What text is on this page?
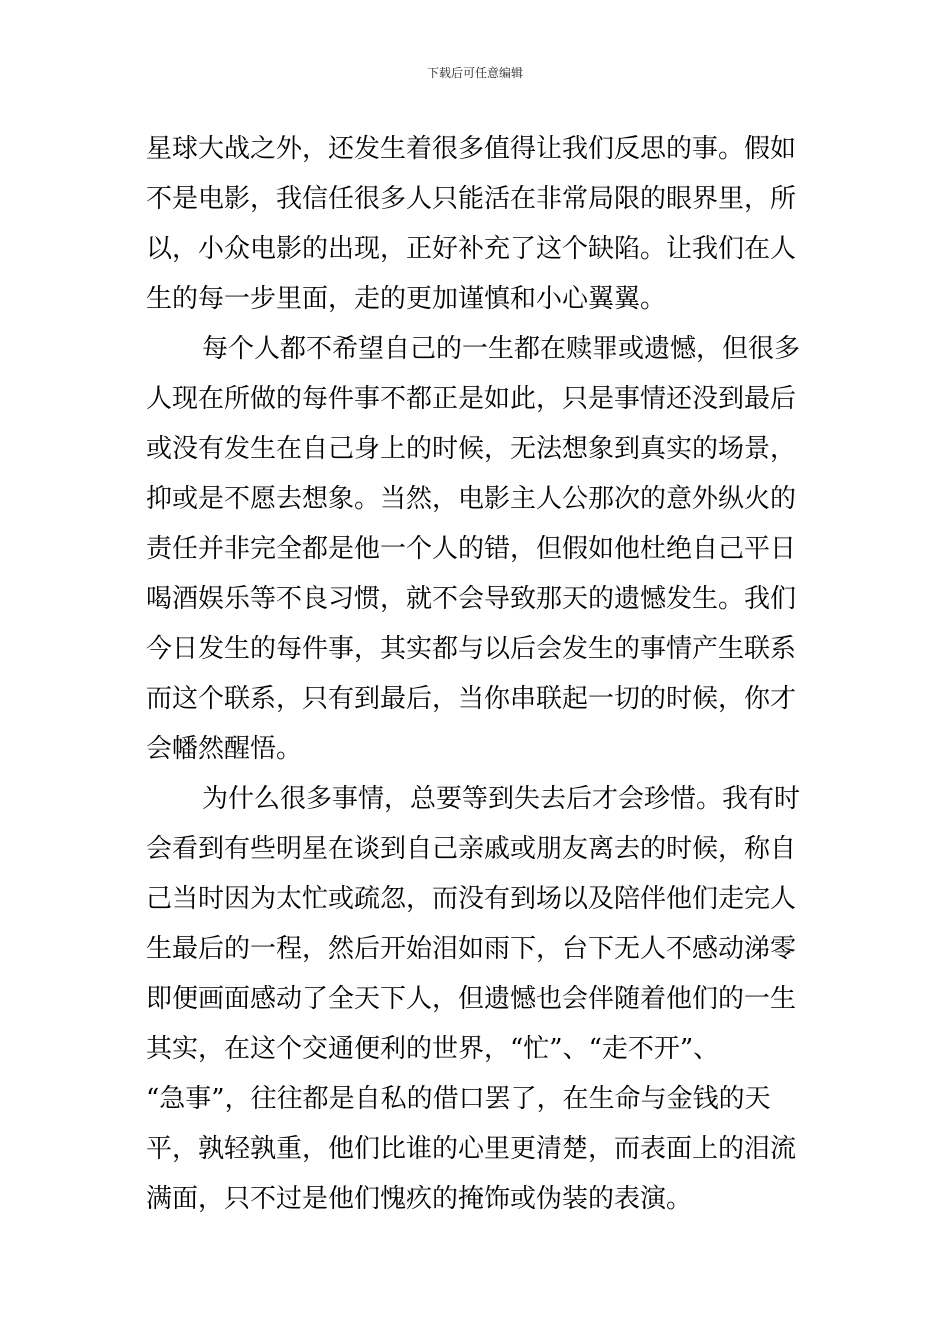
下载后可任意编辑
星球大战之外，还发生着很多值得让我们反思的事。假如
不是电影，我信任很多人只能活在非常局限的眼界里，所
以，小众电影的出现，正好补充了这个缺陷。让我们在人
生的每一步里面，走的更加谨慎和小心翼翼。
每个人都不希望自己的一生都在赎罪或遗憾，但很多
人现在所做的每件事不都正是如此，只是事情还没到最后
或没有发生在自己身上的时候，无法想象到真实的场景，
抑或是不愿去想象。当然，电影主人公那次的意外纵火的
责任并非完全都是他一个人的错，但假如他杜绝自己平日
喝酒娱乐等不良习惯，就不会导致那天的遗憾发生。我们
今日发生的每件事，其实都与以后会发生的事情产生联系
而这个联系，只有到最后，当你串联起一切的时候，你才
会幡然醒悟。
为什么很多事情，总要等到失去后才会珍惜。我有时
会看到有些明星在谈到自己亲戚或朋友离去的时候，称自
己当时因为太忙或疏忽，而没有到场以及陪伴他们走完人
生最后的一程，然后开始泪如雨下，台下无人不感动涕零
即便画面感动了全天下人，但遗憾也会伴随着他们的一生
其实，在这个交通便利的世界，“忙”、“走不开”、
“急事”，往往都是自私的借口罢了，在生命与金钱的天
平，孰轻孰重，他们比谁的心里更清楚，而表面上的泪流
满面，只不过是他们愧疚的掩饰或伪装的表演。
